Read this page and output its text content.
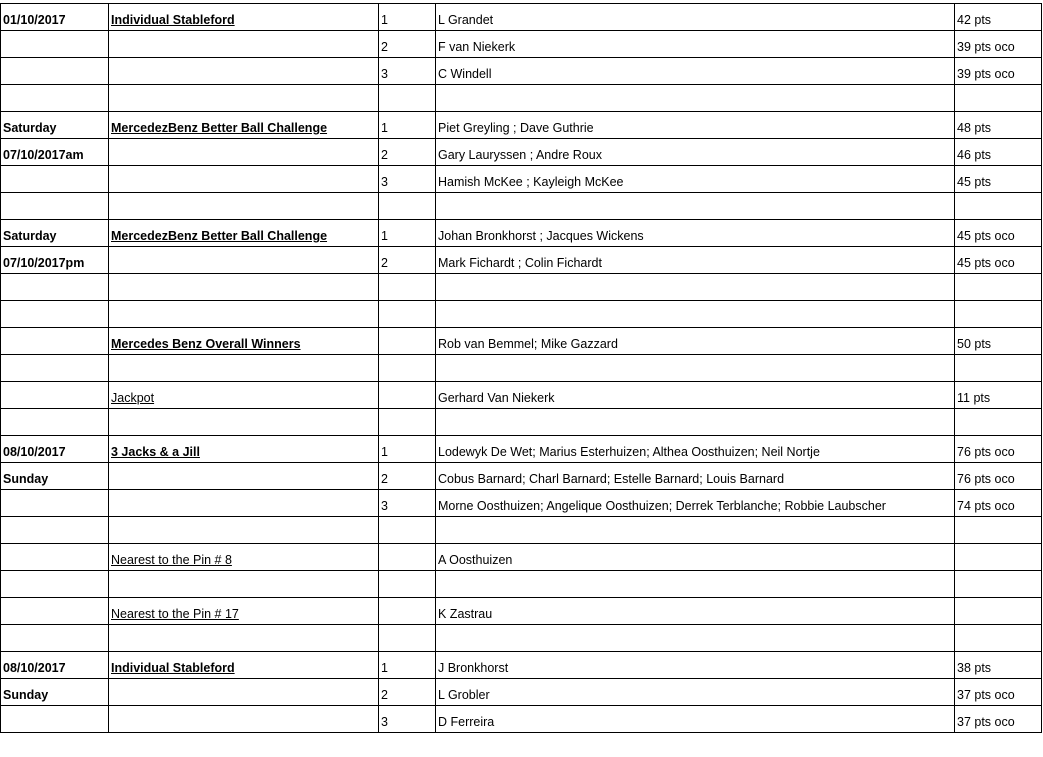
01/10/2017	Individual Stableford	1	L Grandet	42 pts
		2	F van Niekerk	39 pts oco
		3	C Windell	39 pts oco

Saturday	MercedezBenz Better Ball Challenge	1	Piet Greyling ; Dave Guthrie	48 pts
07/10/2017am		2	Gary Lauryssen ; Andre Roux	46 pts
		3	Hamish McKee ; Kayleigh McKee	45 pts

Saturday	MercedezBenz Better Ball Challenge	1	Johan Bronkhorst ; Jacques Wickens	45 pts oco
07/10/2017pm		2	Mark Fichardt ; Colin Fichardt	45 pts oco

	Mercedes Benz Overall Winners		Rob van Bemmel; Mike Gazzard	50 pts

	Jackpot		Gerhard Van Niekerk	11 pts

08/10/2017	3 Jacks & a Jill	1	Lodewyk De Wet; Marius Esterhuizen; Althea Oosthuizen; Neil Nortje	76 pts oco
Sunday		2	Cobus Barnard; Charl Barnard; Estelle Barnard; Louis Barnard	76 pts oco
		3	Morne Oosthuizen; Angelique Oosthuizen; Derrek Terblanche; Robbie Laubscher	74 pts oco

	Nearest to the Pin # 8		A Oosthuizen	

	Nearest to the Pin # 17		K Zastrau	

08/10/2017	Individual Stableford	1	J Bronkhorst	38 pts
Sunday		2	L Grobler	37 pts oco
		3	D Ferreira	37 pts oco
